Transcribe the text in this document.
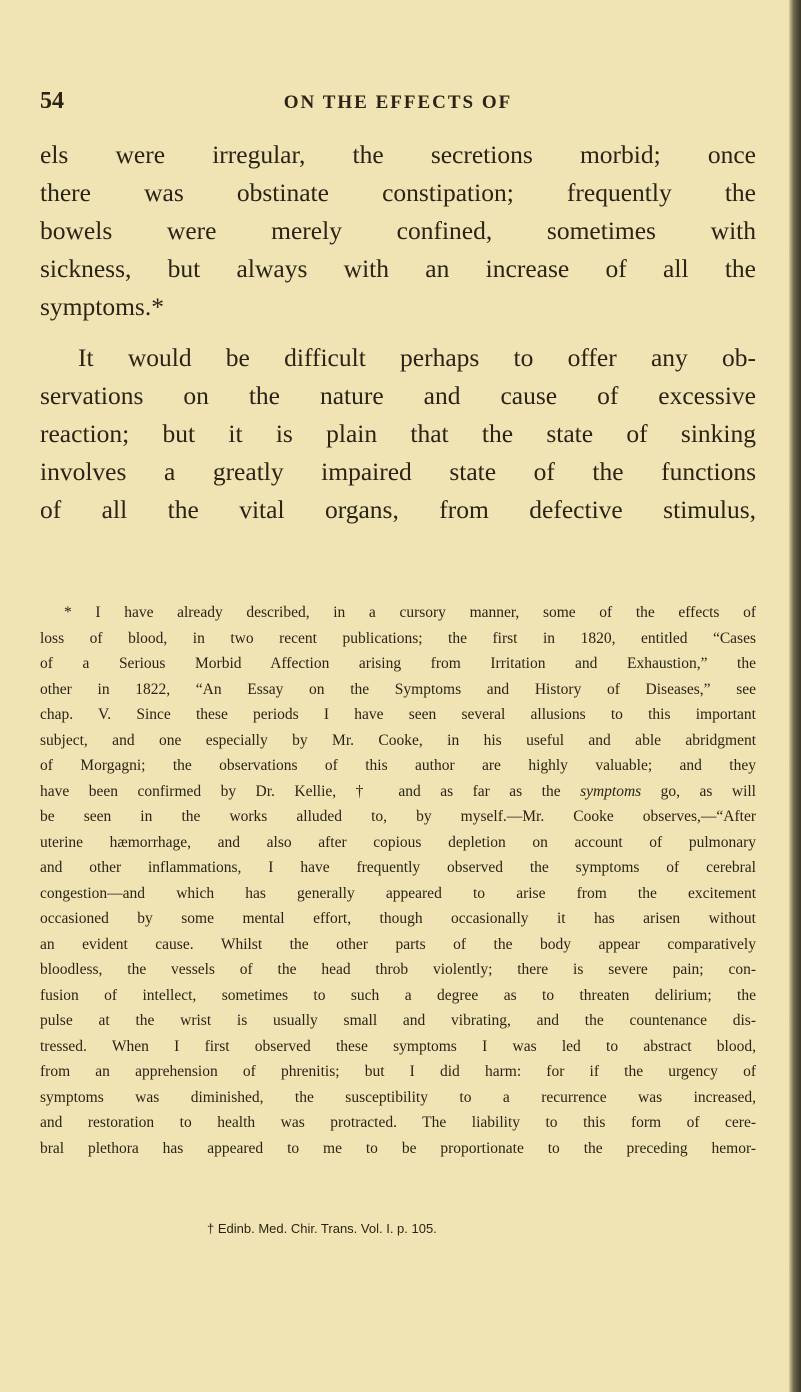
54	ON THE EFFECTS OF
els were irregular, the secretions morbid; once
there was obstinate constipation; frequently the
bowels were merely confined, sometimes with
sickness, but always with an increase of all the
symptoms.*
It would be difficult perhaps to offer any ob-
servations on the nature and cause of excessive
reaction; but it is plain that the state of sinking
involves a greatly impaired state of the functions
of all the vital organs, from defective stimulus,
* I have already described, in a cursory manner, some of the effects of
loss of blood, in two recent publications; the first in 1820, entitled “Cases
of a Serious Morbid Affection arising from Irritation and Exhaustion,” the
other in 1822, “An Essay on the Symptoms and History of Diseases,” see
chap. V. Since these periods I have seen several allusions to this important
subject, and one especially by Mr. Cooke, in his useful and able abridgment
of Morgagni; the observations of this author are highly valuable; and they
have been confirmed by Dr. Kellie, † and as far as the symptoms go, as will
be seen in the works alluded to, by myself.—Mr. Cooke observes,—“After
uterine hæmorrhage, and also after copious depletion on account of pulmonary
and other inflammations, I have frequently observed the symptoms of cerebral
congestion—and which has generally appeared to arise from the excitement
occasioned by some mental effort, though occasionally it has arisen without
an evident cause. Whilst the other parts of the body appear comparatively
bloodless, the vessels of the head throb violently; there is severe pain; con-
fusion of intellect, sometimes to such a degree as to threaten delirium; the
pulse at the wrist is usually small and vibrating, and the countenance dis-
tressed. When I first observed these symptoms I was led to abstract blood,
from an apprehension of phrenitis; but I did harm: for if the urgency of
symptoms was diminished, the susceptibility to a recurrence was increased,
and restoration to health was protracted. The liability to this form of cere-
bral plethora has appeared to me to be proportionate to the preceding hemor-
† Edinb. Med. Chir. Trans. Vol. I. p. 105.
